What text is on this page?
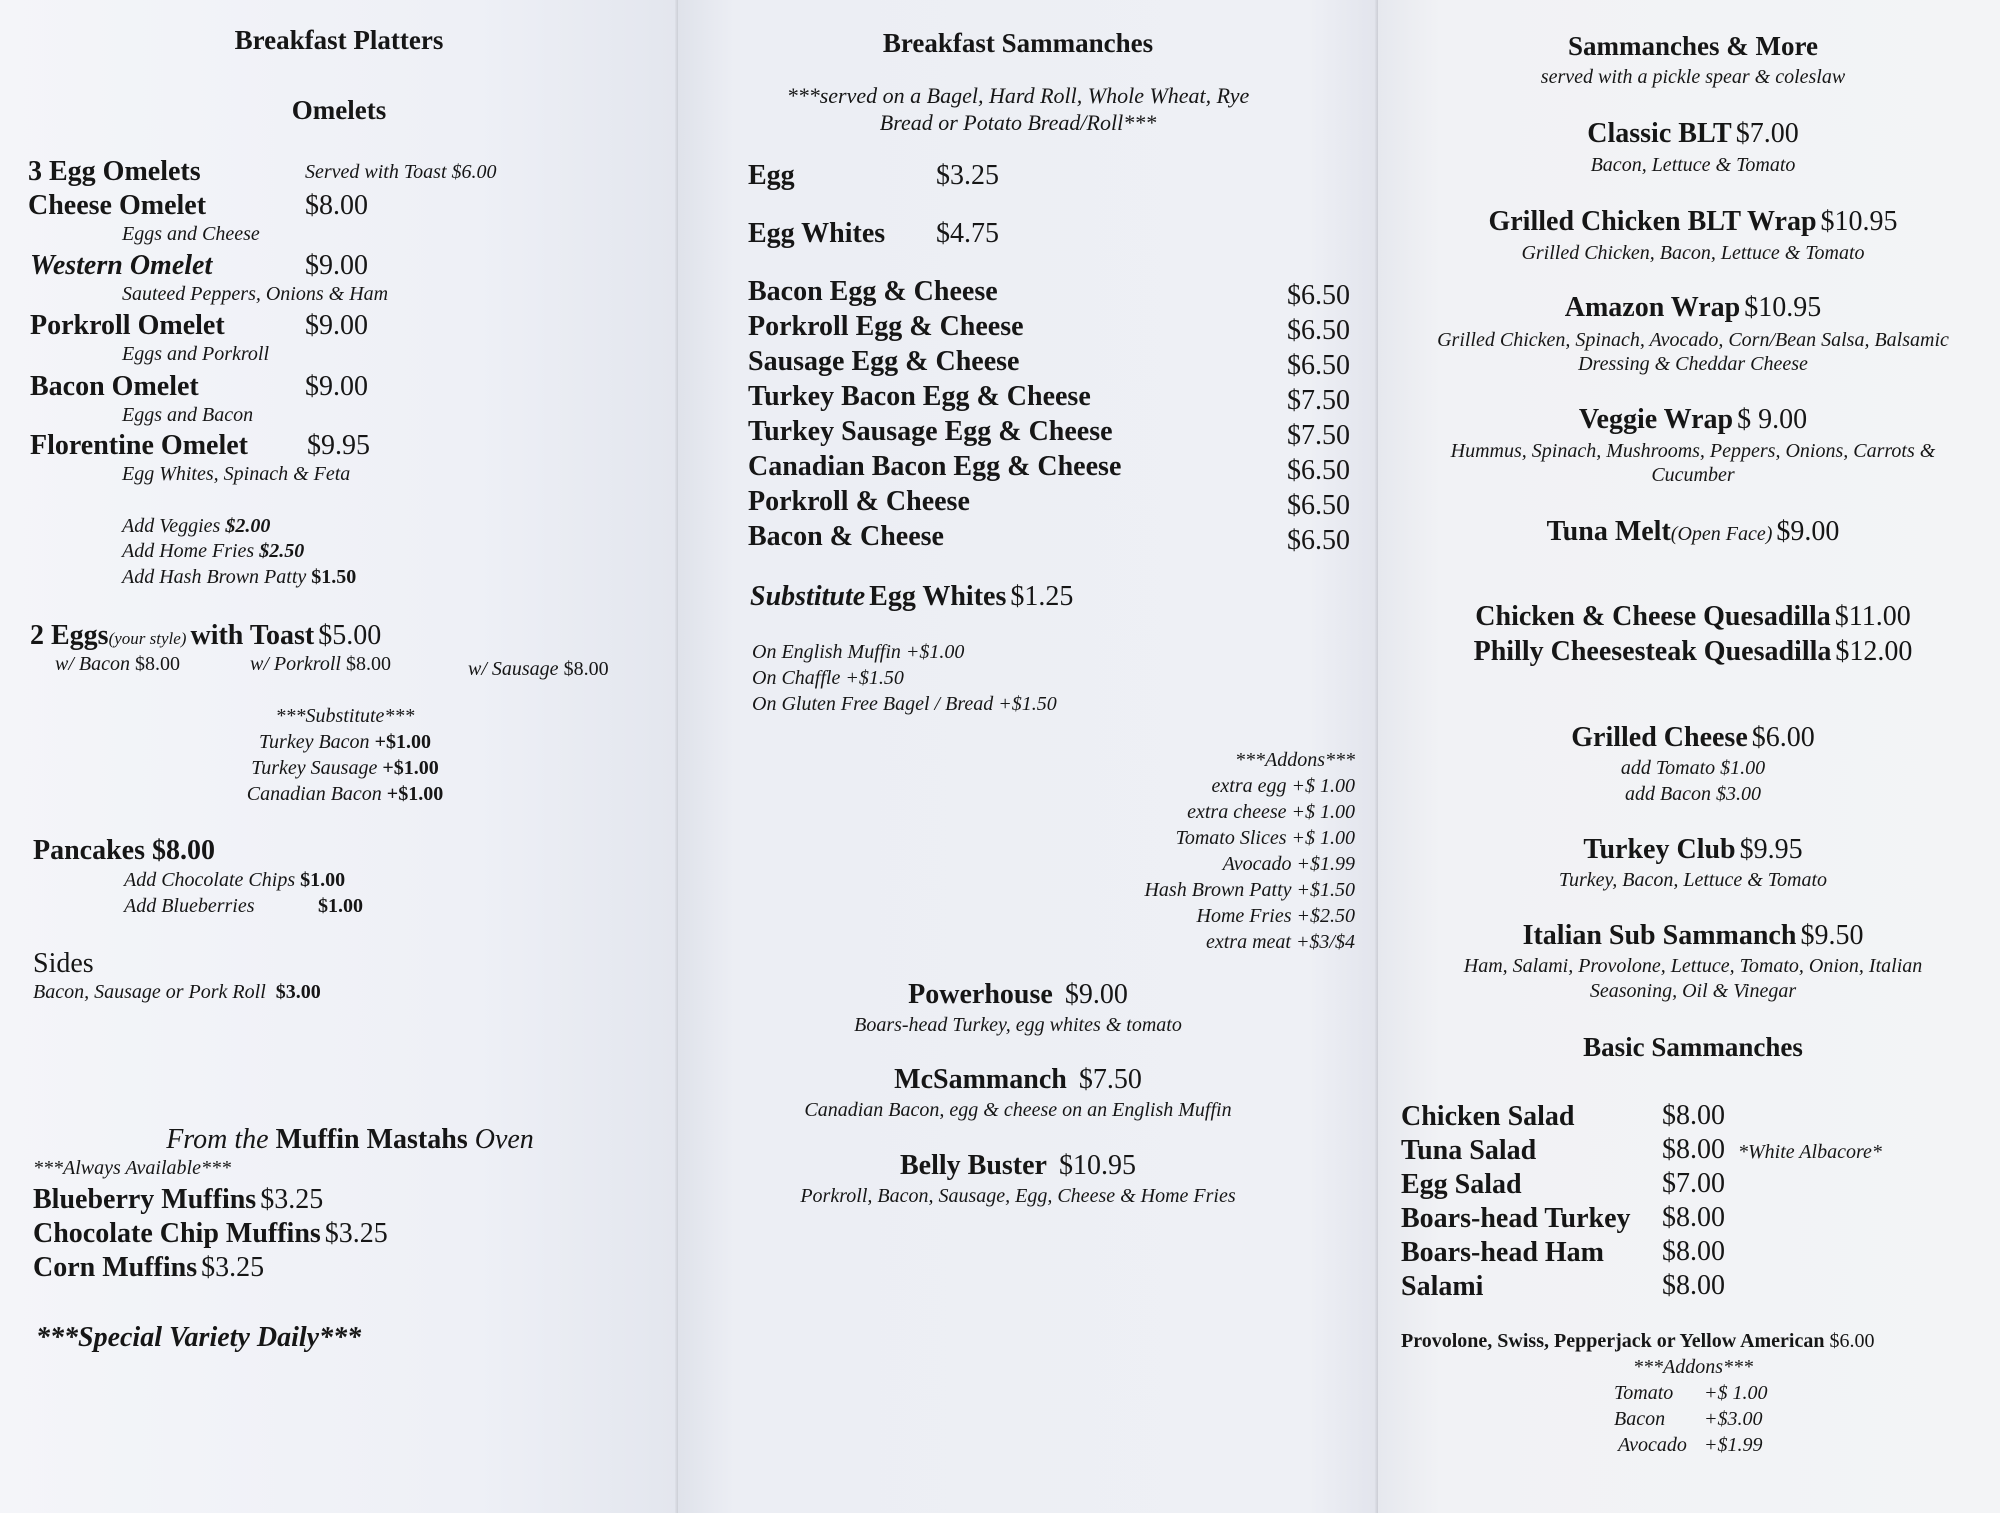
Breakfast Platters
Omelets
3 Egg Omelets	Served with Toast $6.00
Cheese Omelet	$8.00
Eggs and Cheese
Western Omelet	$9.00
Sauteed Peppers, Onions & Ham
Porkroll Omelet	$9.00
Eggs and Porkroll
Bacon Omelet	$9.00
Eggs and Bacon
Florentine Omelet $9.95
Egg Whites, Spinach & Feta
Add Veggies $2.00
Add Home Fries $2.50
Add Hash Brown Patty $1.50
2 Eggs(your style) with Toast $5.00
w/ Bacon $8.00	w/ Porkroll $8.00	w/ Sausage $8.00
***Substitute***
Turkey Bacon +$1.00
Turkey Sausage +$1.00
Canadian Bacon +$1.00
Pancakes $8.00
Add Chocolate Chips $1.00
Add Blueberries	$1.00
Sides
Bacon, Sausage or Pork Roll $3.00
From the Muffin Mastahs Oven
***Always Available***
Blueberry Muffins $3.25
Chocolate Chip Muffins $3.25
Corn Muffins $3.25
***Special Variety Daily***
Breakfast Sammanches
***served on a Bagel, Hard Roll, Whole Wheat, Rye
Bread or Potato Bread/Roll***
Egg	$3.25
Egg Whites $4.75
Bacon Egg & Cheese	$6.50
Porkroll Egg & Cheese	$6.50
Sausage Egg & Cheese	$6.50
Turkey Bacon Egg & Cheese	$7.50
Turkey Sausage Egg & Cheese	$7.50
Canadian Bacon Egg & Cheese	$6.50
Porkroll & Cheese	$6.50
Bacon & Cheese	$6.50
Substitute Egg Whites $1.25
On English Muffin +$1.00
On Chaffle +$1.50
On Gluten Free Bagel / Bread +$1.50
***Addons***
extra egg +$ 1.00
extra cheese +$ 1.00
Tomato Slices +$ 1.00
Avocado +$1.99
Hash Brown Patty +$1.50
Home Fries +$2.50
extra meat +$3/$4
Powerhouse $9.00
Boars-head Turkey, egg whites & tomato
McSammanch $7.50
Canadian Bacon, egg & cheese on an English Muffin
Belly Buster $10.95
Porkroll, Bacon, Sausage, Egg, Cheese & Home Fries
Sammanches & More
served with a pickle spear & coleslaw
Classic BLT $7.00
Bacon, Lettuce & Tomato
Grilled Chicken BLT Wrap $10.95
Grilled Chicken, Bacon, Lettuce & Tomato
Amazon Wrap $10.95
Grilled Chicken, Spinach, Avocado, Corn/Bean Salsa, Balsamic
Dressing & Cheddar Cheese
Veggie Wrap $ 9.00
Hummus, Spinach, Mushrooms, Peppers, Onions, Carrots &
Cucumber
Tuna Melt(Open Face) $9.00
Chicken & Cheese Quesadilla $11.00
Philly Cheesesteak Quesadilla $12.00
Grilled Cheese $6.00
add Tomato $1.00
add Bacon $3.00
Turkey Club $9.95
Turkey, Bacon, Lettuce & Tomato
Italian Sub Sammanch $9.50
Ham, Salami, Provolone, Lettuce, Tomato, Onion, Italian
Seasoning, Oil & Vinegar
Basic Sammanches
Chicken Salad	$8.00
Tuna Salad	$8.00 *White Albacore*
Egg Salad	$7.00
Boars-head Turkey $8.00
Boars-head Ham $8.00
Salami	$8.00
Provolone, Swiss, Pepperjack or Yellow American $6.00
***Addons***
Tomato +$ 1.00
Bacon +$3.00
Avocado +$1.99
